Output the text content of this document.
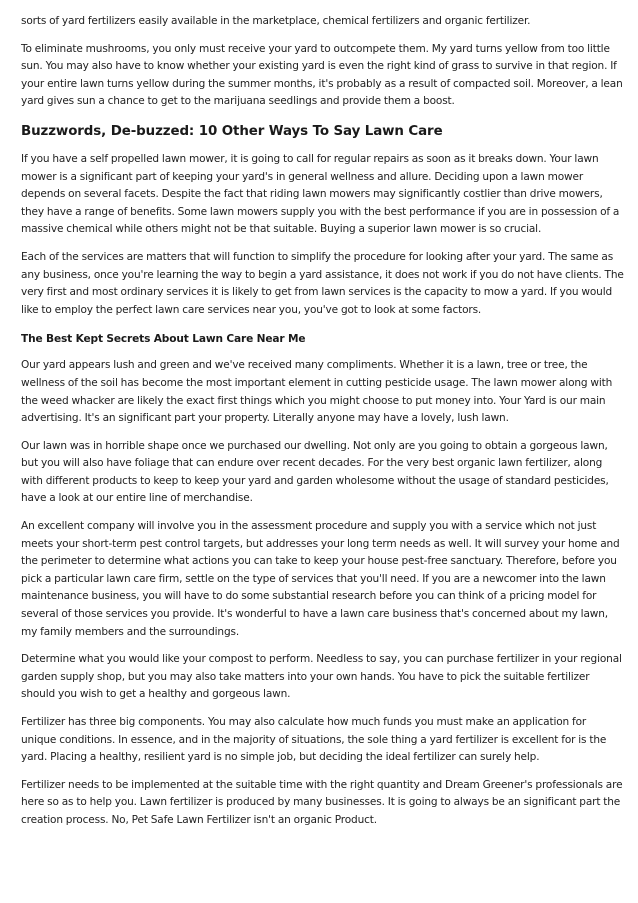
sorts of yard fertilizers easily available in the marketplace, chemical fertilizers and organic fertilizer.

To eliminate mushrooms, you only must receive your yard to outcompete them. My yard turns yellow from too little sun. You may also have to know whether your existing yard is even the right kind of grass to survive in that region. If your entire lawn turns yellow during the summer months, it's probably as a result of compacted soil. Moreover, a lean yard gives sun a chance to get to the marijuana seedlings and provide them a boost.

Buzzwords, De-buzzed: 10 Other Ways To Say Lawn Care

If you have a self propelled lawn mower, it is going to call for regular repairs as soon as it breaks down. Your lawn mower is a significant part of keeping your yard's in general wellness and allure. Deciding upon a lawn mower depends on several facets. Despite the fact that riding lawn mowers may significantly costlier than drive mowers, they have a range of benefits. Some lawn mowers supply you with the best performance if you are in possession of a massive chemical while others might not be that suitable. Buying a superior lawn mower is so crucial.

Each of the services are matters that will function to simplify the procedure for looking after your yard. The same as any business, once you're learning the way to begin a yard assistance, it does not work if you do not have clients. The very first and most ordinary services it is likely to get from lawn services is the capacity to mow a yard. If you would like to employ the perfect lawn care services near you, you've got to look at some factors.

The Best Kept Secrets About Lawn Care Near Me

Our yard appears lush and green and we've received many compliments. Whether it is a lawn, tree or tree, the wellness of the soil has become the most important element in cutting pesticide usage. The lawn mower along with the weed whacker are likely the exact first things which you might choose to put money into. Your Yard is our main advertising. It's an significant part your property. Literally anyone may have a lovely, lush lawn.

Our lawn was in horrible shape once we purchased our dwelling. Not only are you going to obtain a gorgeous lawn, but you will also have foliage that can endure over recent decades. For the very best organic lawn fertilizer, along with different products to keep to keep your yard and garden wholesome without the usage of standard pesticides, have a look at our entire line of merchandise.

An excellent company will involve you in the assessment procedure and supply you with a service which not just meets your short-term pest control targets, but addresses your long term needs as well. It will survey your home and the perimeter to determine what actions you can take to keep your house pest-free sanctuary. Therefore, before you pick a particular lawn care firm, settle on the type of services that you'll need. If you are a newcomer into the lawn maintenance business, you will have to do some substantial research before you can think of a pricing model for several of those services you provide. It's wonderful to have a lawn care business that's concerned about my lawn, my family members and the surroundings.

Determine what you would like your compost to perform. Needless to say, you can purchase fertilizer in your regional garden supply shop, but you may also take matters into your own hands. You have to pick the suitable fertilizer should you wish to get a healthy and gorgeous lawn.

Fertilizer has three big components. You may also calculate how much funds you must make an application for unique conditions. In essence, and in the majority of situations, the sole thing a yard fertilizer is excellent for is the yard. Placing a healthy, resilient yard is no simple job, but deciding the ideal fertilizer can surely help.

Fertilizer needs to be implemented at the suitable time with the right quantity and Dream Greener's professionals are here so as to help you. Lawn fertilizer is produced by many businesses. It is going to always be an significant part the creation process. No, Pet Safe Lawn Fertilizer isn't an organic Product.
